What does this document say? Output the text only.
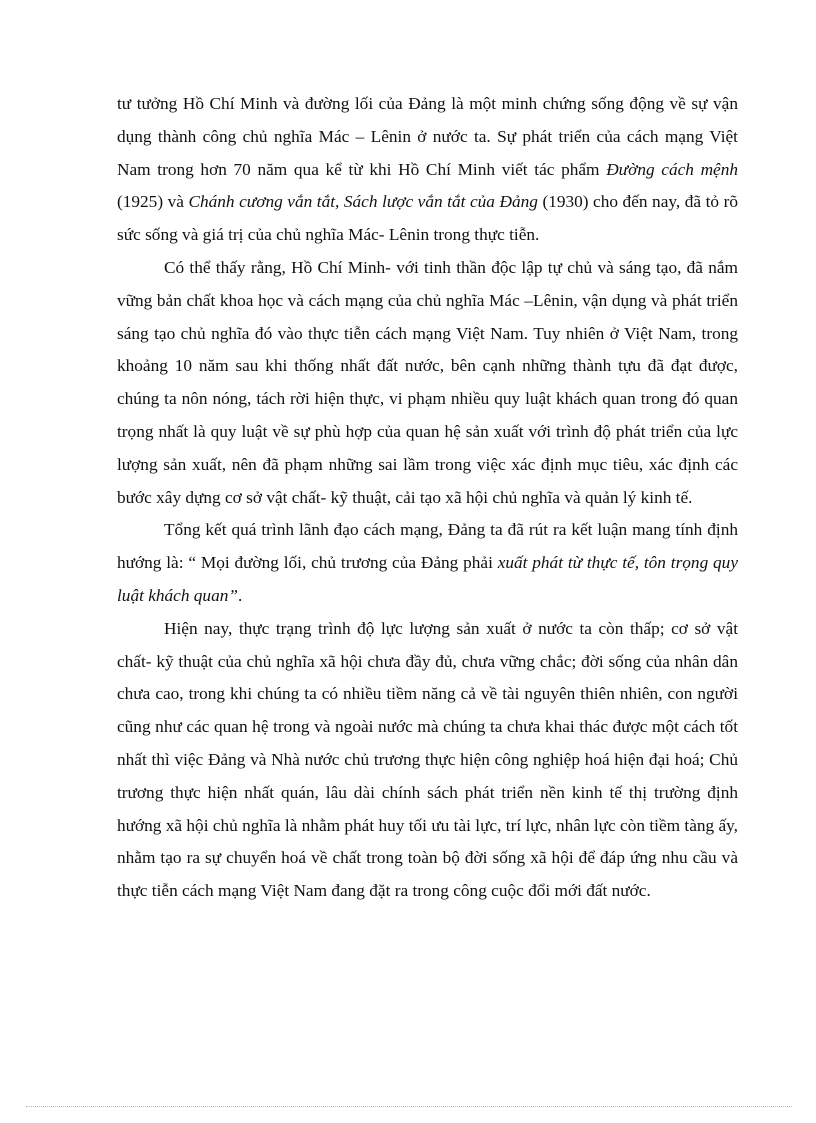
tư tưởng Hồ Chí Minh và đường lối của Đảng là một minh chứng sống động về sự vận dụng thành công chủ nghĩa Mác – Lênin ở nước ta. Sự phát triển của cách mạng Việt Nam trong hơn 70 năm qua kể từ khi Hồ Chí Minh viết tác phẩm Đường cách mệnh (1925) và Chánh cương vắn tắt, Sách lược vắn tắt của Đảng (1930) cho đến nay, đã tỏ rõ sức sống và giá trị của chủ nghĩa Mác- Lênin trong thực tiễn.

Có thể thấy rằng, Hồ Chí Minh- với tinh thần độc lập tự chủ và sáng tạo, đã nắm vững bản chất khoa học và cách mạng của chủ nghĩa Mác –Lênin, vận dụng và phát triển sáng tạo chủ nghĩa đó vào thực tiễn cách mạng Việt Nam. Tuy nhiên ở Việt Nam, trong khoảng 10 năm sau khi thống nhất đất nước, bên cạnh những thành tựu đã đạt được, chúng ta nôn nóng, tách rời hiện thực, vi phạm nhiều quy luật khách quan trong đó quan trọng nhất là quy luật về sự phù hợp của quan hệ sản xuất với trình độ phát triển của lực lượng sản xuất, nên đã phạm những sai lầm trong việc xác định mục tiêu, xác định các bước xây dựng cơ sở vật chất- kỹ thuật, cải tạo xã hội chủ nghĩa và quản lý kinh tế.

Tổng kết quá trình lãnh đạo cách mạng, Đảng ta đã rút ra kết luận mang tính định hướng là: “ Mọi đường lối, chủ trương của Đảng phải xuất phát từ thực tế, tôn trọng quy luật khách quan”.

Hiện nay, thực trạng trình độ lực lượng sản xuất ở nước ta còn thấp; cơ sở vật chất- kỹ thuật của chủ nghĩa xã hội chưa đầy đủ, chưa vững chắc; đời sống của nhân dân chưa cao, trong khi chúng ta có nhiều tiềm năng cả về tài nguyên thiên nhiên, con người cũng như các quan hệ trong và ngoài nước mà chúng ta chưa khai thác được một cách tốt nhất thì việc Đảng và Nhà nước chủ trương thực hiện công nghiệp hoá hiện đại hoá; Chủ trương thực hiện nhất quán, lâu dài chính sách phát triển nền kinh tế thị trường định hướng xã hội chủ nghĩa là nhằm phát huy tối ưu tài lực, trí lực, nhân lực còn tiềm tàng ấy, nhằm tạo ra sự chuyển hoá về chất trong toàn bộ đời sống xã hội để đáp ứng nhu cầu và thực tiễn cách mạng Việt Nam đang đặt ra trong công cuộc đổi mới đất nước.
